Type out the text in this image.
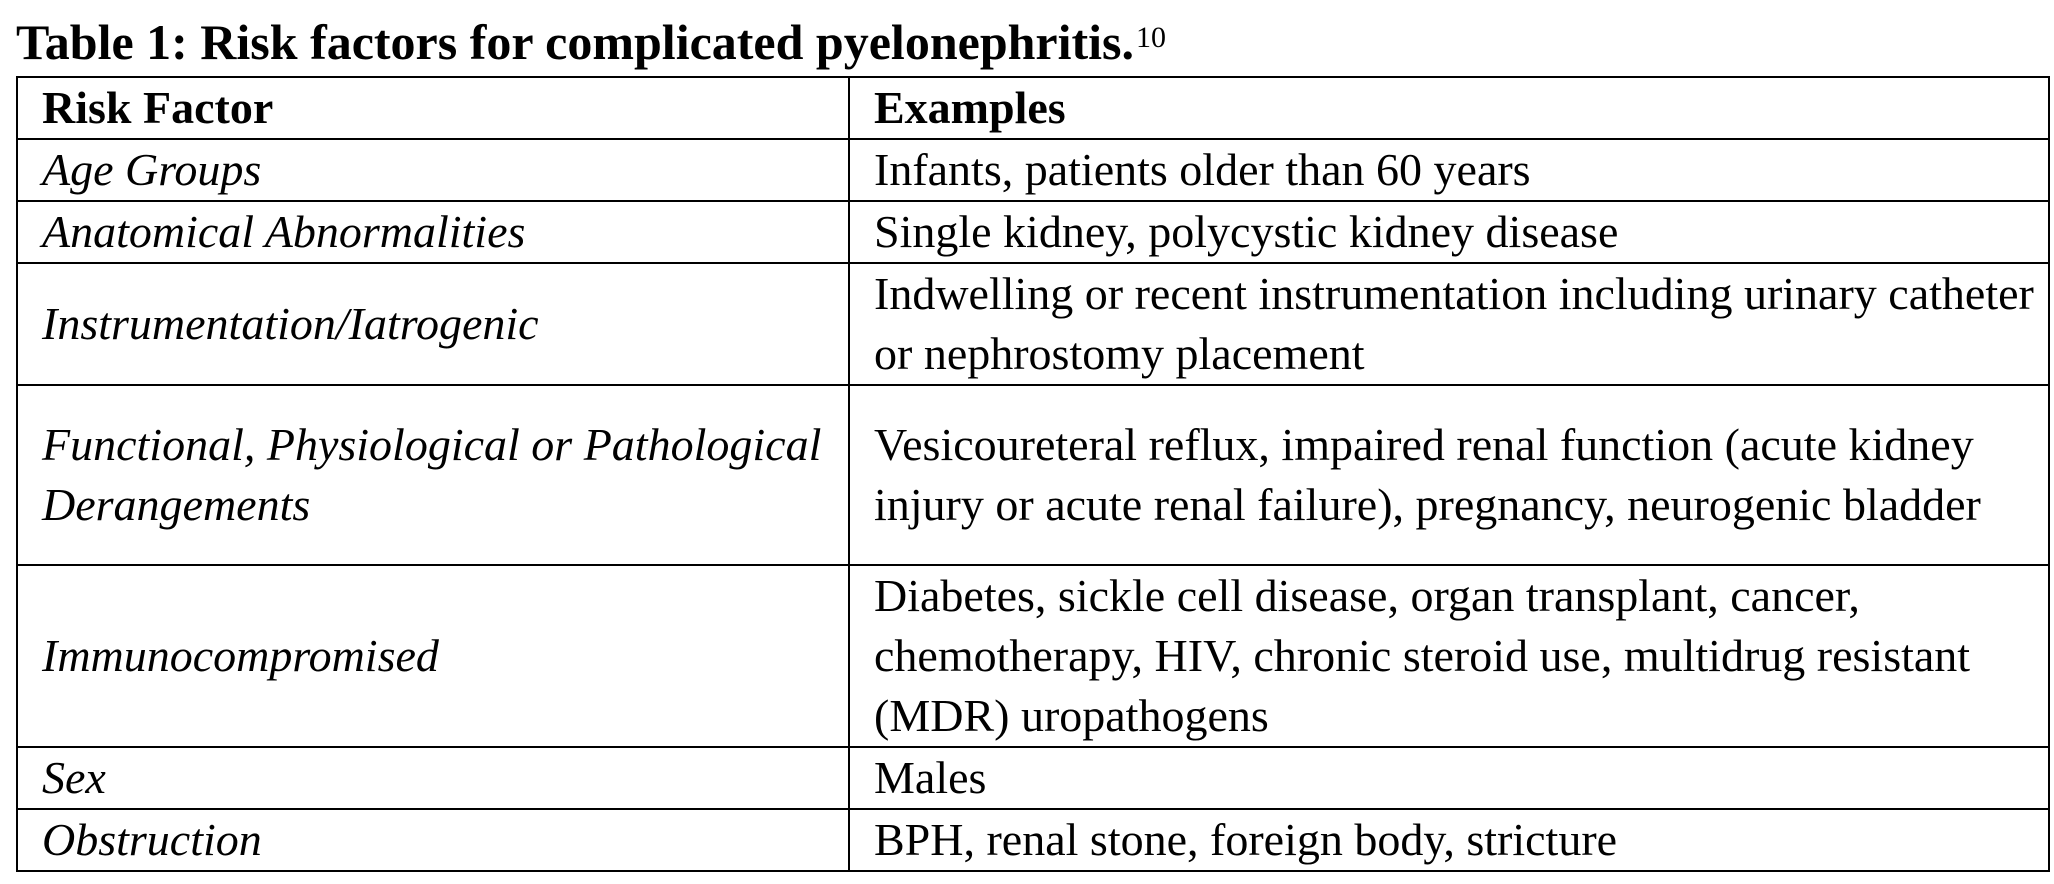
Table 1: Risk factors for complicated pyelonephritis.$^{10}$
Risk Factor	Examples
Age Groups	Infants, patients older than 60 years
Anatomical Abnormalities	Single kidney, polycystic kidney disease
Instrumentation/Iatrogenic	Indwelling or recent instrumentation including urinary catheter or nephrostomy placement
Functional, Physiological or Pathological Derangements	Vesicoureteral reflux, impaired renal function (acute kidney injury or acute renal failure), pregnancy, neurogenic bladder
Immunocompromised	Diabetes, sickle cell disease, organ transplant, cancer, chemotherapy, HIV, chronic steroid use, multidrug resistant (MDR) uropathogens
Sex	Males
Obstruction	BPH, renal stone, foreign body, stricture
